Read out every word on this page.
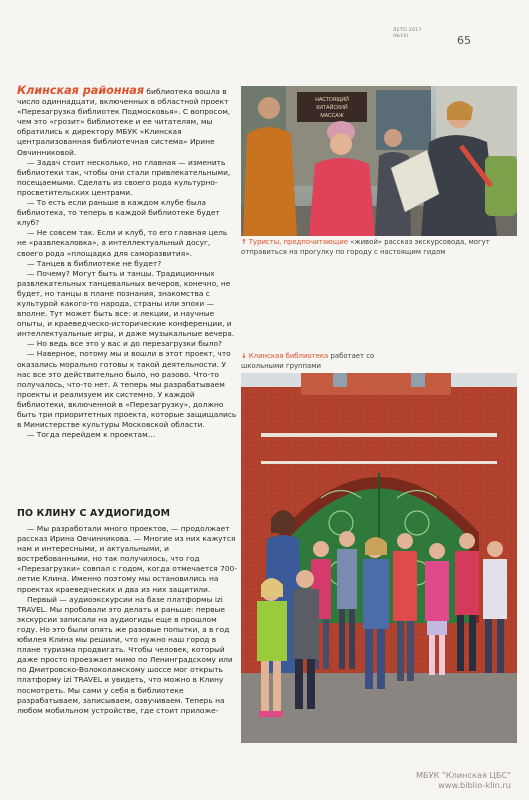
ЛЕТО 2017
(№16)	65

Клинская районная библиотека вошла в число одиннадцати, включенных в областной проект «Перезагрузка библиотек Подмосковья». С вопросом, чем это «грозит» библиотеке и ее читателям, мы обратились к директору МБУК «Клинская централизованная библиотечная система» Ирине Овчинниковой.

— Задач стоит несколько, но главная — изменить библиотеки так, чтобы они стали привлекательными, посещаемыми. Сделать из своего рода культурно-просветительских центрами.

— То есть если раньше в каждом клубе была библиотека, то теперь в каждой библиотеке будет клуб?

— Не совсем так. Если и клуб, то его главная цель не «развлекаловка», а интеллектуальный досуг, своего рода «площадка для саморазвития».

— Танцев в библиотеке не будет?

— Почему? Могут быть и танцы. Традиционных развлекательных танцевальных вечеров, конечно, не будет, но танцы в плане познания, знакомства с культурой какого-то народа, страны или эпохи — вполне. Тут может быть все: и лекции, и научные опыты, и краеведческо-исторические конференции, и интеллектуальные игры, и даже музыкальные вечера.

— Но ведь все это у вас и до перезагрузки было?

— Наверное, потому мы и вошли в этот проект, что оказались морально готовы к такой деятельности. У нас все это действительно было, но разово. Что-то получалось, что-то нет. А теперь мы разрабатываем проекты и реализуем их системно. У каждой библиотеки, включенной в «Перезагрузку», должно быть три приоритетных проекта, которые защищались в Министерстве культуры Московской области.

— Тогда перейдем к проектам…

ПО КЛИНУ С АУДИОГИДОМ

— Мы разработали много проектов, — продолжает рассказ Ирина Овчинникова. — Многие из них кажутся нам и интересными, и актуальными, и востребованными, но так получилось, что год «Перезагрузки» совпал с годом, когда отмечается 700-летие Клина. Именно поэтому мы остановились на проектах краеведческих и два из них защитили.

Первый — аудиоэкскурсии на базе платформы izi TRAVEL. Мы пробовали это делать и раньше: первые экскурсии записали на аудиогиды еще в прошлом году. Но это были опять же разовые попытки, а в год юбилея Клина мы решили, что нужно наш город в плане туризма продвигать. Чтобы человек, который даже просто проезжает мимо по Ленинградскому или по Дмитровско-Волоколамскому шоссе мог открыть платформу izi TRAVEL и увидеть, что можно в Клину посмотреть. Мы сами у себя в библиотеке разрабатываем, записываем, озвучиваем. Теперь на любом мобильном устройстве, где стоит приложе-

НАСТОЯЩИЙ
КИТАЙСКИЙ
МАССАЖ
↑ Туристы, предпочитающие «живой» рассказ экскурсовода, могут отправиться на прогулку по городу с настоящим гидом
↓ Клинская библиотека работает со школьными группами
МБУК "Клинская ЦБС"
www.biblio-klin.ru
